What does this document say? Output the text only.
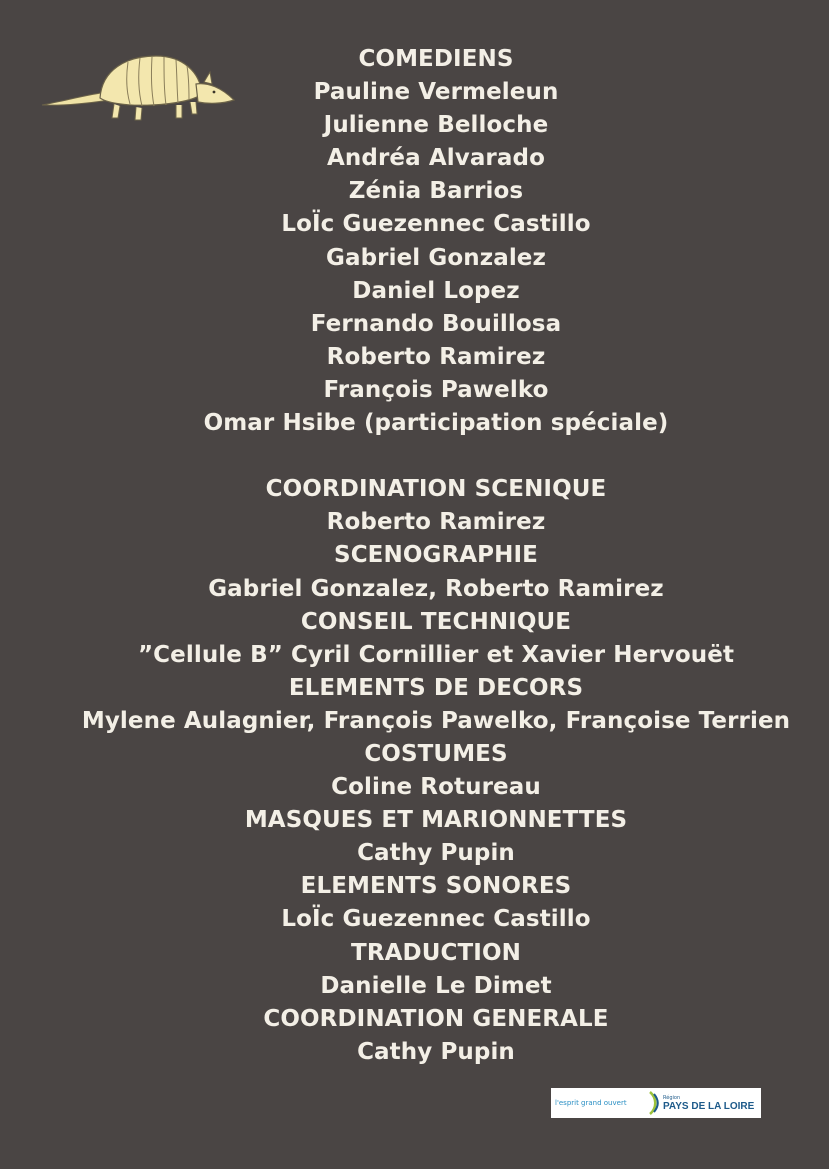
COMEDIENS
Pauline Vermeleun
Julienne Belloche
Andréa Alvarado
Zénia Barrios
LoÏc Guezennec Castillo
Gabriel Gonzalez
Daniel Lopez
Fernando Bouillosa
Roberto Ramirez
François Pawelko
Omar Hsibe (participation spéciale)
COORDINATION SCENIQUE
Roberto Ramirez
SCENOGRAPHIE
Gabriel Gonzalez, Roberto Ramirez
CONSEIL TECHNIQUE
”Cellule B” Cyril Cornillier et Xavier Hervouët
ELEMENTS DE DECORS
Mylene Aulagnier, François Pawelko, Françoise Terrien
COSTUMES
Coline Rotureau
MASQUES ET MARIONNETTES
Cathy Pupin
ELEMENTS SONORES
LoÏc Guezennec Castillo
TRADUCTION
Danielle Le Dimet
COORDINATION GENERALE
Cathy Pupin
l'esprit grand ouvert
Région
PAYS DE LA LOIRE
